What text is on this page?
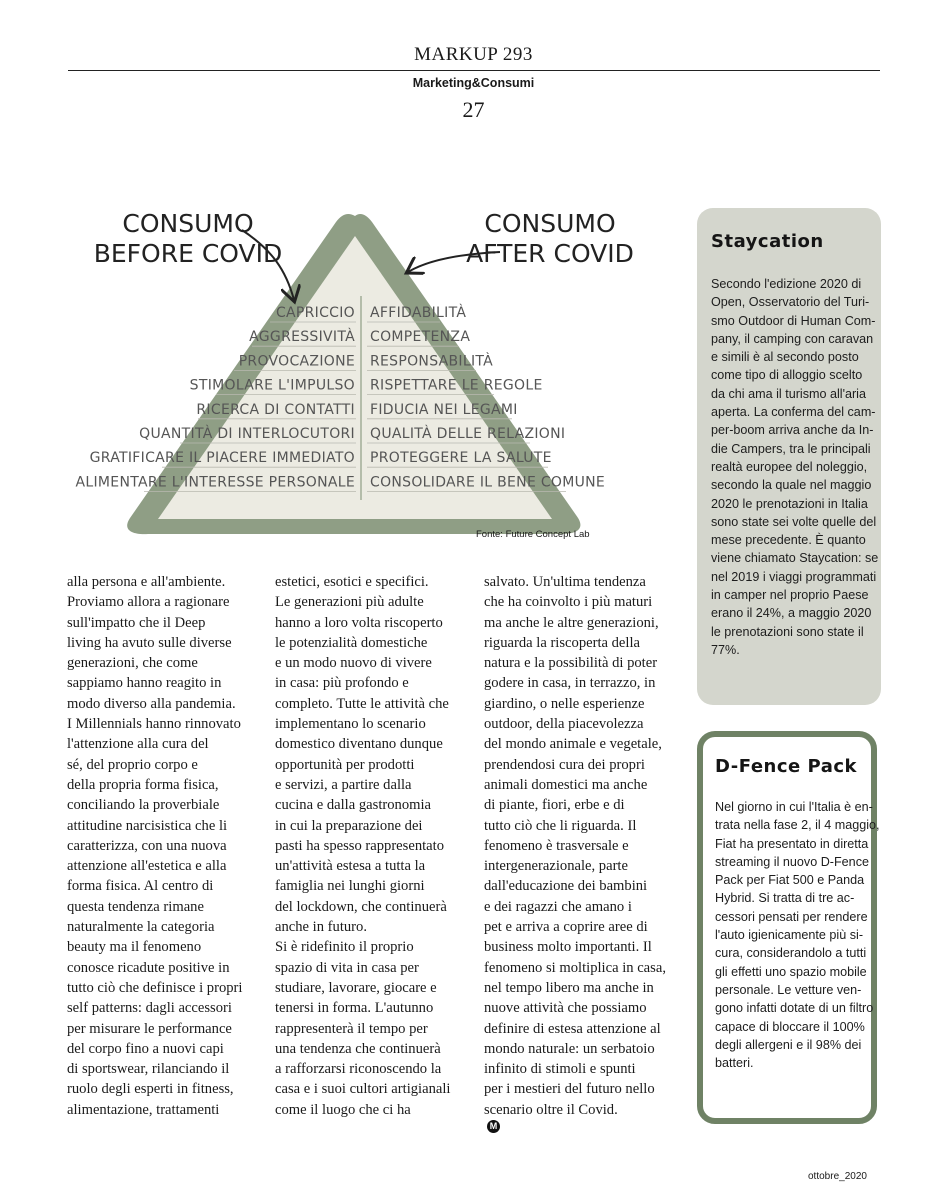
MARKUP 293
Marketing&Consumi
27
CONSUMO
BEFORE COVID
CONSUMO
AFTER COVID
CAPRICCIO
AGGRESSIVITÀ
PROVOCAZIONE
STIMOLARE L'IMPULSO
RICERCA DI CONTATTI
QUANTITÀ DI INTERLOCUTORI
GRATIFICARE IL PIACERE IMMEDIATO
ALIMENTARE L'INTERESSE PERSONALE
AFFIDABILITÀ
COMPETENZA
RESPONSABILITÀ
RISPETTARE LE REGOLE
FIDUCIA NEI LEGAMI
QUALITÀ DELLE RELAZIONI
PROTEGGERE LA SALUTE
CONSOLIDARE IL BENE COMUNE
Fonte: Future Concept Lab
alla persona e all'ambiente.
Proviamo allora a ragionare
sull'impatto che il Deep
living ha avuto sulle diverse
generazioni, che come
sappiamo hanno reagito in
modo diverso alla pandemia.
I Millennials hanno rinnovato
l'attenzione alla cura del
sé, del proprio corpo e
della propria forma fisica,
conciliando la proverbiale
attitudine narcisistica che li
caratterizza, con una nuova
attenzione all'estetica e alla
forma fisica. Al centro di
questa tendenza rimane
naturalmente la categoria
beauty ma il fenomeno
conosce ricadute positive in
tutto ciò che definisce i propri
self patterns: dagli accessori
per misurare le performance
del corpo fino a nuovi capi
di sportswear, rilanciando il
ruolo degli esperti in fitness,
alimentazione, trattamenti
estetici, esotici e specifici.
Le generazioni più adulte
hanno a loro volta riscoperto
le potenzialità domestiche
e un modo nuovo di vivere
in casa: più profondo e
completo. Tutte le attività che
implementano lo scenario
domestico diventano dunque
opportunità per prodotti
e servizi, a partire dalla
cucina e dalla gastronomia
in cui la preparazione dei
pasti ha spesso rappresentato
un'attività estesa a tutta la
famiglia nei lunghi giorni
del lockdown, che continuerà
anche in futuro.
Si è ridefinito il proprio
spazio di vita in casa per
studiare, lavorare, giocare e
tenersi in forma. L'autunno
rappresenterà il tempo per
una tendenza che continuerà
a rafforzarsi riconoscendo la
casa e i suoi cultori artigianali
come il luogo che ci ha
salvato. Un'ultima tendenza
che ha coinvolto i più maturi
ma anche le altre generazioni,
riguarda la riscoperta della
natura e la possibilità di poter
godere in casa, in terrazzo, in
giardino, o nelle esperienze
outdoor, della piacevolezza
del mondo animale e vegetale,
prendendosi cura dei propri
animali domestici ma anche
di piante, fiori, erbe e di
tutto ciò che li riguarda. Il
fenomeno è trasversale e
intergenerazionale, parte
dall'educazione dei bambini
e dei ragazzi che amano i
pet e arriva a coprire aree di
business molto importanti. Il
fenomeno si moltiplica in casa,
nel tempo libero ma anche in
nuove attività che possiamo
definire di estesa attenzione al
mondo naturale: un serbatoio
infinito di stimoli e spunti
per i mestieri del futuro nello
scenario oltre il Covid.
M
Staycation
Secondo l'edizione 2020 di
Open, Osservatorio del Turi-
smo Outdoor di Human Com-
pany, il camping con caravan
e simili è al secondo posto
come tipo di alloggio scelto
da chi ama il turismo all'aria
aperta. La conferma del cam-
per-boom arriva anche da In-
die Campers, tra le principali
realtà europee del noleggio,
secondo la quale nel maggio
2020 le prenotazioni in Italia
sono state sei volte quelle del
mese precedente. È quanto
viene chiamato Staycation: se
nel 2019 i viaggi programmati
in camper nel proprio Paese
erano il 24%, a maggio 2020
le prenotazioni sono state il
77%.
D-Fence Pack
Nel giorno in cui l'Italia è en-
trata nella fase 2, il 4 maggio,
Fiat ha presentato in diretta
streaming il nuovo D-Fence
Pack per Fiat 500 e Panda
Hybrid. Si tratta di tre ac-
cessori pensati per rendere
l'auto igienicamente più si-
cura, considerandolo a tutti
gli effetti uno spazio mobile
personale. Le vetture ven-
gono infatti dotate di un filtro
capace di bloccare il 100%
degli allergeni e il 98% dei
batteri.
ottobre_2020
